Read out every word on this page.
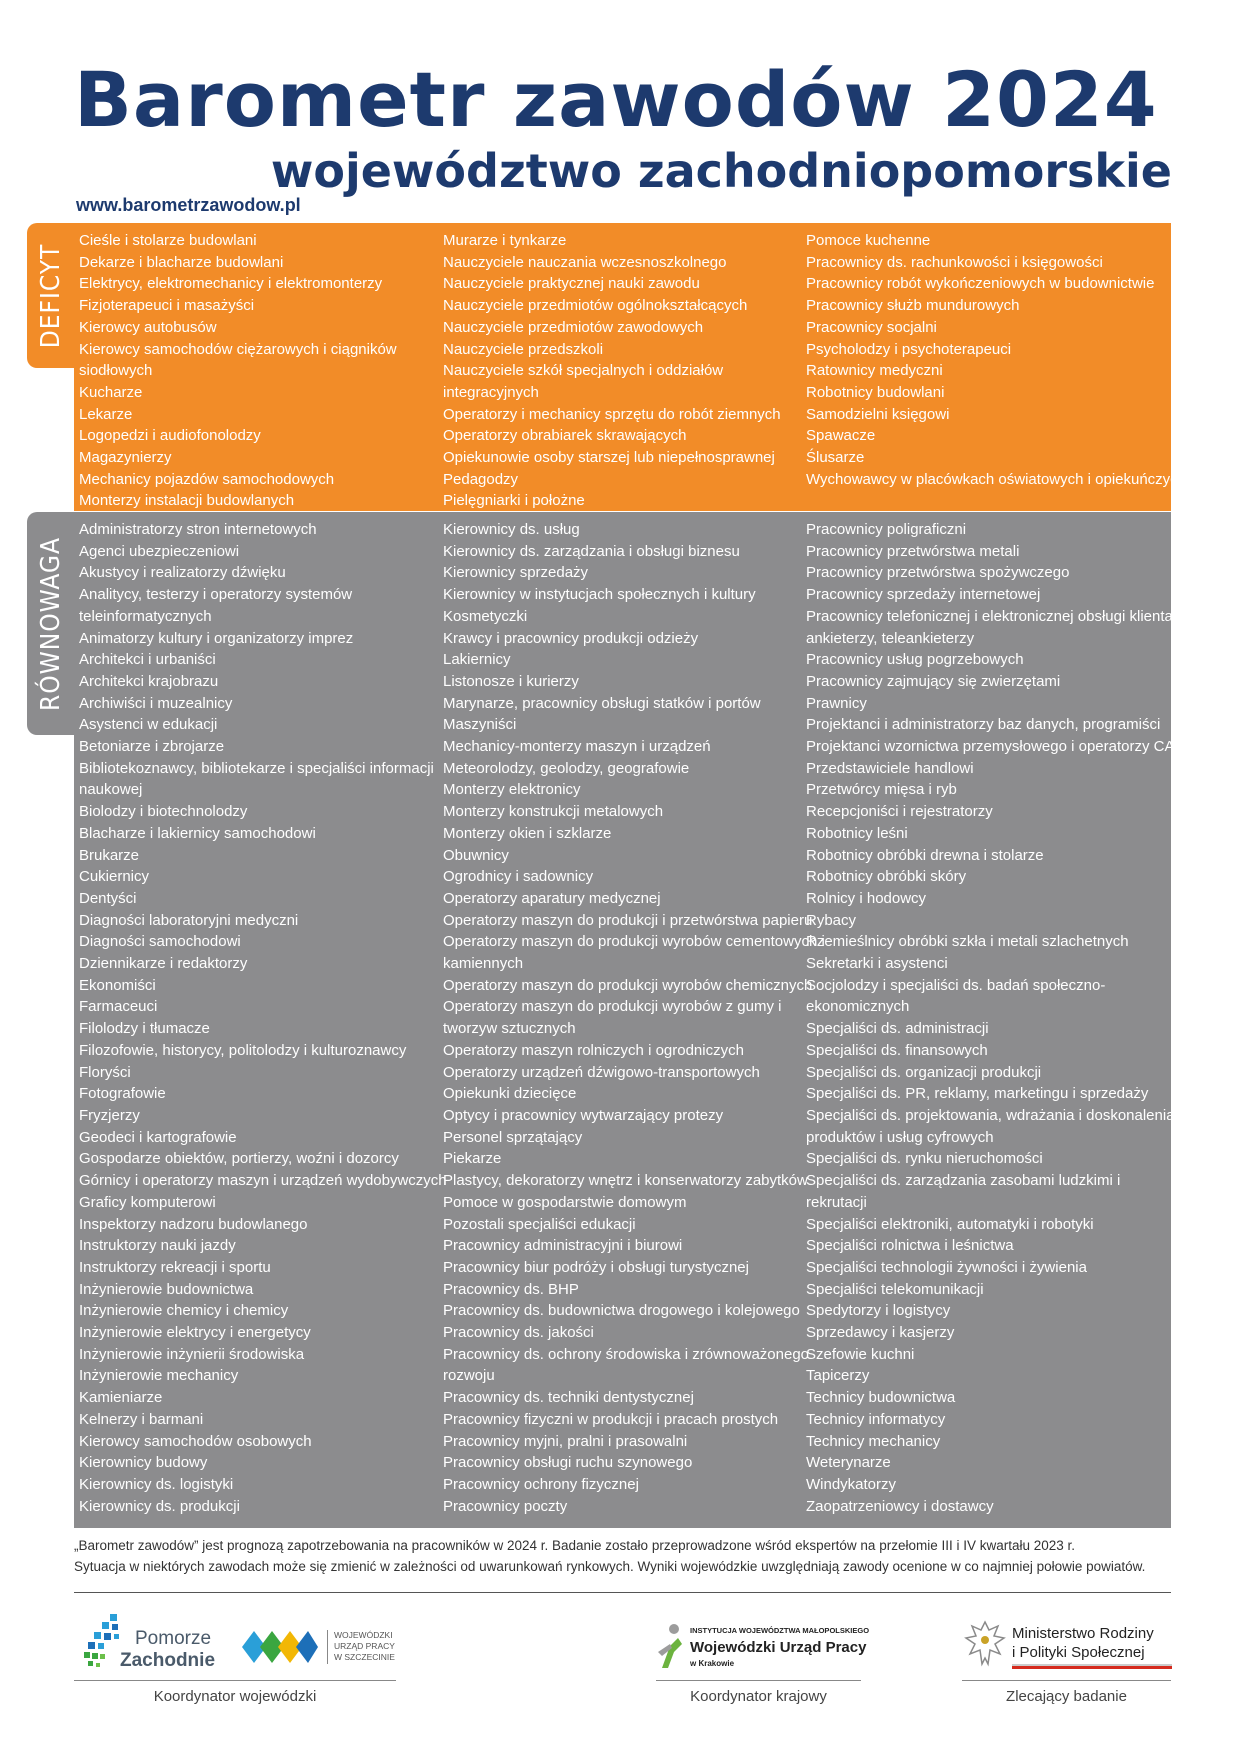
Barometr zawodów 2024
województwo zachodniopomorskie
www.barometrzawodow.pl
DEFICYT
Cieśle i stolarze budowlani
Dekarze i blacharze budowlani
Elektrycy, elektromechanicy i elektromonterzy
Fizjoterapeuci i masażyści
Kierowcy autobusów
Kierowcy samochodów ciężarowych i ciągników
siodłowych
Kucharze
Lekarze
Logopedzi i audiofonolodzy
Magazynierzy
Mechanicy pojazdów samochodowych
Monterzy instalacji budowlanych
Murarze i tynkarze
Nauczyciele nauczania wczesnoszkolnego
Nauczyciele praktycznej nauki zawodu
Nauczyciele przedmiotów ogólnokształcących
Nauczyciele przedmiotów zawodowych
Nauczyciele przedszkoli
Nauczyciele szkół specjalnych i oddziałów
integracyjnych
Operatorzy i mechanicy sprzętu do robót ziemnych
Operatorzy obrabiarek skrawających
Opiekunowie osoby starszej lub niepełnosprawnej
Pedagodzy
Pielęgniarki i położne
Pomoce kuchenne
Pracownicy ds. rachunkowości i księgowości
Pracownicy robót wykończeniowych w budownictwie
Pracownicy służb mundurowych
Pracownicy socjalni
Psycholodzy i psychoterapeuci
Ratownicy medyczni
Robotnicy budowlani
Samodzielni księgowi
Spawacze
Ślusarze
Wychowawcy w placówkach oświatowych i opiekuńczych
RÓWNOWAGA
Administratorzy stron internetowych
Agenci ubezpieczeniowi
Akustycy i realizatorzy dźwięku
Analitycy, testerzy i operatorzy systemów
teleinformatycznych
Animatorzy kultury i organizatorzy imprez
Architekci i urbaniści
Architekci krajobrazu
Archiwiści i muzealnicy
Asystenci w edukacji
Betoniarze i zbrojarze
Bibliotekoznawcy, bibliotekarze i specjaliści informacji
naukowej
Biolodzy i biotechnolodzy
Blacharze i lakiernicy samochodowi
Brukarze
Cukiernicy
Dentyści
Diagności laboratoryjni medyczni
Diagności samochodowi
Dziennikarze i redaktorzy
Ekonomiści
Farmaceuci
Filolodzy i tłumacze
Filozofowie, historycy, politolodzy i kulturoznawcy
Floryści
Fotografowie
Fryzjerzy
Geodeci i kartografowie
Gospodarze obiektów, portierzy, woźni i dozorcy
Górnicy i operatorzy maszyn i urządzeń wydobywczych
Graficy komputerowi
Inspektorzy nadzoru budowlanego
Instruktorzy nauki jazdy
Instruktorzy rekreacji i sportu
Inżynierowie budownictwa
Inżynierowie chemicy i chemicy
Inżynierowie elektrycy i energetycy
Inżynierowie inżynierii środowiska
Inżynierowie mechanicy
Kamieniarze
Kelnerzy i barmani
Kierowcy samochodów osobowych
Kierownicy budowy
Kierownicy ds. logistyki
Kierownicy ds. produkcji
Kierownicy ds. usług
Kierownicy ds. zarządzania i obsługi biznesu
Kierownicy sprzedaży
Kierownicy w instytucjach społecznych i kultury
Kosmetyczki
Krawcy i pracownicy produkcji odzieży
Lakiernicy
Listonosze i kurierzy
Marynarze, pracownicy obsługi statków i portów
Maszyniści
Mechanicy-monterzy maszyn i urządzeń
Meteorolodzy, geolodzy, geografowie
Monterzy elektronicy
Monterzy konstrukcji metalowych
Monterzy okien i szklarze
Obuwnicy
Ogrodnicy i sadownicy
Operatorzy aparatury medycznej
Operatorzy maszyn do produkcji i przetwórstwa papieru
Operatorzy maszyn do produkcji wyrobów cementowych i
kamiennych
Operatorzy maszyn do produkcji wyrobów chemicznych
Operatorzy maszyn do produkcji wyrobów z gumy i
tworzyw sztucznych
Operatorzy maszyn rolniczych i ogrodniczych
Operatorzy urządzeń dźwigowo-transportowych
Opiekunki dziecięce
Optycy i pracownicy wytwarzający protezy
Personel sprzątający
Piekarze
Plastycy, dekoratorzy wnętrz i konserwatorzy zabytków
Pomoce w gospodarstwie domowym
Pozostali specjaliści edukacji
Pracownicy administracyjni i biurowi
Pracownicy biur podróży i obsługi turystycznej
Pracownicy ds. BHP
Pracownicy ds. budownictwa drogowego i kolejowego
Pracownicy ds. jakości
Pracownicy ds. ochrony środowiska i zrównoważonego
rozwoju
Pracownicy ds. techniki dentystycznej
Pracownicy fizyczni w produkcji i pracach prostych
Pracownicy myjni, pralni i prasowalni
Pracownicy obsługi ruchu szynowego
Pracownicy ochrony fizycznej
Pracownicy poczty
Pracownicy poligraficzni
Pracownicy przetwórstwa metali
Pracownicy przetwórstwa spożywczego
Pracownicy sprzedaży internetowej
Pracownicy telefonicznej i elektronicznej obsługi klienta,
ankieterzy, teleankieterzy
Pracownicy usług pogrzebowych
Pracownicy zajmujący się zwierzętami
Prawnicy
Projektanci i administratorzy baz danych, programiści
Projektanci wzornictwa przemysłowego i operatorzy CAD
Przedstawiciele handlowi
Przetwórcy mięsa i ryb
Recepcjoniści i rejestratorzy
Robotnicy leśni
Robotnicy obróbki drewna i stolarze
Robotnicy obróbki skóry
Rolnicy i hodowcy
Rybacy
Rzemieślnicy obróbki szkła i metali szlachetnych
Sekretarki i asystenci
Socjolodzy i specjaliści ds. badań społeczno-
ekonomicznych
Specjaliści ds. administracji
Specjaliści ds. finansowych
Specjaliści ds. organizacji produkcji
Specjaliści ds. PR, reklamy, marketingu i sprzedaży
Specjaliści ds. projektowania, wdrażania i doskonalenia
produktów i usług cyfrowych
Specjaliści ds. rynku nieruchomości
Specjaliści ds. zarządzania zasobami ludzkimi i
rekrutacji
Specjaliści elektroniki, automatyki i robotyki
Specjaliści rolnictwa i leśnictwa
Specjaliści technologii żywności i żywienia
Specjaliści telekomunikacji
Spedytorzy i logistycy
Sprzedawcy i kasjerzy
Szefowie kuchni
Tapicerzy
Technicy budownictwa
Technicy informatycy
Technicy mechanicy
Weterynarze
Windykatorzy
Zaopatrzeniowcy i dostawcy
„Barometr zawodów” jest prognozą zapotrzebowania na pracowników w 2024 r. Badanie zostało przeprowadzone wśród ekspertów na przełomie III i IV kwartału 2023 r.
Sytuacja w niektórych zawodach może się zmienić w zależności od uwarunkowań rynkowych. Wyniki wojewódzkie uwzględniają zawody ocenione w co najmniej połowie powiatów.
Pomorze
Zachodnie
WOJEWÓDZKI
URZĄD PRACY
W SZCZECINIE
INSTYTUCJA WOJEWÓDZTWA MAŁOPOLSKIEGO
Wojewódzki Urząd Pracy
w Krakowie
Ministerstwo Rodziny
i Polityki Społecznej
Koordynator wojewódzki	Koordynator krajowy	Zlecający badanie
